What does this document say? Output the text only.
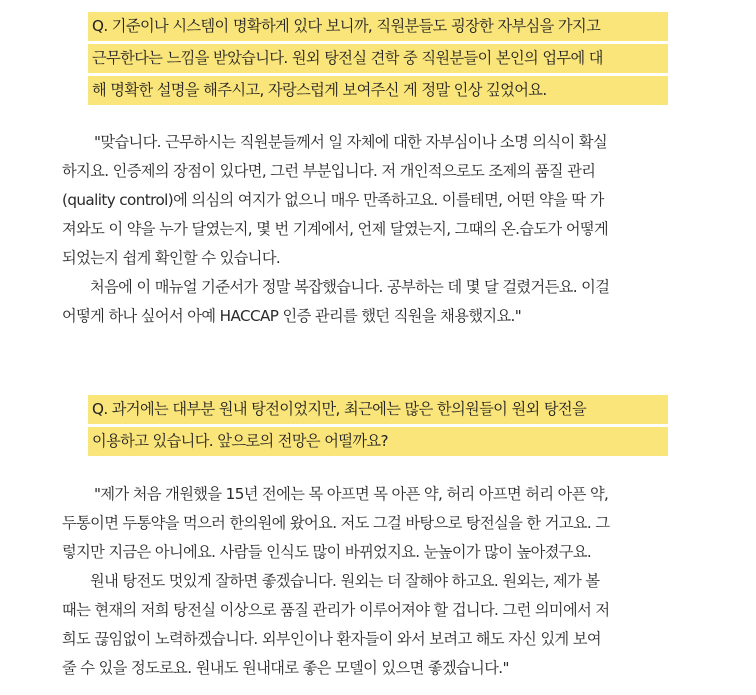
Q. 기준이나 시스템이 명확하게 있다 보니까, 직원분들도 굉장한 자부심을 가지고
근무한다는 느낌을 받았습니다. 원외 탕전실 견학 중 직원분들이 본인의 업무에 대
해 명확한 설명을 해주시고, 자랑스럽게 보여주신 게 정말 인상 깊었어요.
"맞습니다. 근무하시는 직원분들께서 일 자체에 대한 자부심이나 소명 의식이 확실
하지요. 인증제의 장점이 있다면, 그런 부분입니다. 저 개인적으로도 조제의 품질 관리
(quality control)에 의심의 여지가 없으니 매우 만족하고요. 이를테면, 어떤 약을 딱 가
져와도 이 약을 누가 달였는지, 몇 번 기계에서, 언제 달였는지, 그때의 온.습도가 어떻게
되었는지 쉽게 확인할 수 있습니다.
처음에 이 매뉴얼 기준서가 정말 복잡했습니다. 공부하는 데 몇 달 걸렸거든요. 이걸
어떻게 하나 싶어서 아예 HACCAP 인증 관리를 했던 직원을 채용했지요."
Q. 과거에는 대부분 원내 탕전이었지만, 최근에는 많은 한의원들이 원외 탕전을
이용하고 있습니다. 앞으로의 전망은 어떨까요?
"제가 처음 개원했을 15년 전에는 목 아프면 목 아픈 약, 허리 아프면 허리 아픈 약,
두통이면 두통약을 먹으러 한의원에 왔어요. 저도 그걸 바탕으로 탕전실을 한 거고요. 그
렇지만 지금은 아니에요. 사람들 인식도 많이 바뀌었지요. 눈높이가 많이 높아졌구요.
원내 탕전도 멋있게 잘하면 좋겠습니다. 원외는 더 잘해야 하고요. 원외는, 제가 볼
때는 현재의 저희 탕전실 이상으로 품질 관리가 이루어져야 할 겁니다. 그런 의미에서 저
희도 끊임없이 노력하겠습니다. 외부인이나 환자들이 와서 보려고 해도 자신 있게 보여
줄 수 있을 정도로요. 원내도 원내대로 좋은 모델이 있으면 좋겠습니다."
